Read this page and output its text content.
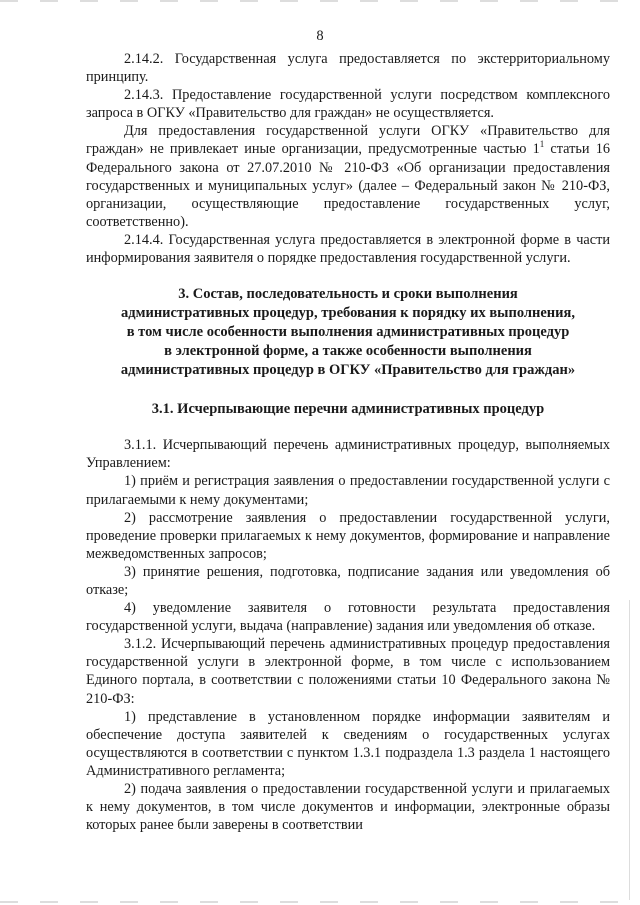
8

2.14.2. Государственная услуга предоставляется по экстерриториальному принципу.

2.14.3. Предоставление государственной услуги посредством комплексного запроса в ОГКУ «Правительство для граждан» не осуществляется.

Для предоставления государственной услуги ОГКУ «Правительство для граждан» не привлекает иные организации, предусмотренные частью $1^1$ статьи 16 Федерального закона от 27.07.2010 № 210-ФЗ «Об организации предоставления государственных и муниципальных услуг» (далее – Федеральный закон № 210-ФЗ, организации, осуществляющие предоставление государственных услуг, соответственно).

2.14.4. Государственная услуга предоставляется в электронной форме в части информирования заявителя о порядке предоставления государственной услуги.

3. Состав, последовательность и сроки выполнения
административных процедур, требования к порядку их выполнения,
в том числе особенности выполнения административных процедур
в электронной форме, а также особенности выполнения
административных процедур в ОГКУ «Правительство для граждан»
3.1. Исчерпывающие перечни административных процедур

3.1.1. Исчерпывающий перечень административных процедур, выполняемых Управлением:

1) приём и регистрация заявления о предоставлении государственной услуги с прилагаемыми к нему документами;

2) рассмотрение заявления о предоставлении государственной услуги, проведение проверки прилагаемых к нему документов, формирование и направление межведомственных запросов;

3) принятие решения, подготовка, подписание задания или уведомления об отказе;

4) уведомление заявителя о готовности результата предоставления государственной услуги, выдача (направление) задания или уведомления об отказе.

3.1.2. Исчерпывающий перечень административных процедур предоставления государственной услуги в электронной форме, в том числе с использованием Единого портала, в соответствии с положениями статьи 10 Федерального закона № 210-ФЗ:

1) представление в установленном порядке информации заявителям и обеспечение доступа заявителей к сведениям о государственных услугах осуществляются в соответствии с пунктом 1.3.1 подраздела 1.3 раздела 1 настоящего Административного регламента;

2) подача заявления о предоставлении государственной услуги и прилагаемых к нему документов, в том числе документов и информации, электронные образы которых ранее были заверены в соответствии
